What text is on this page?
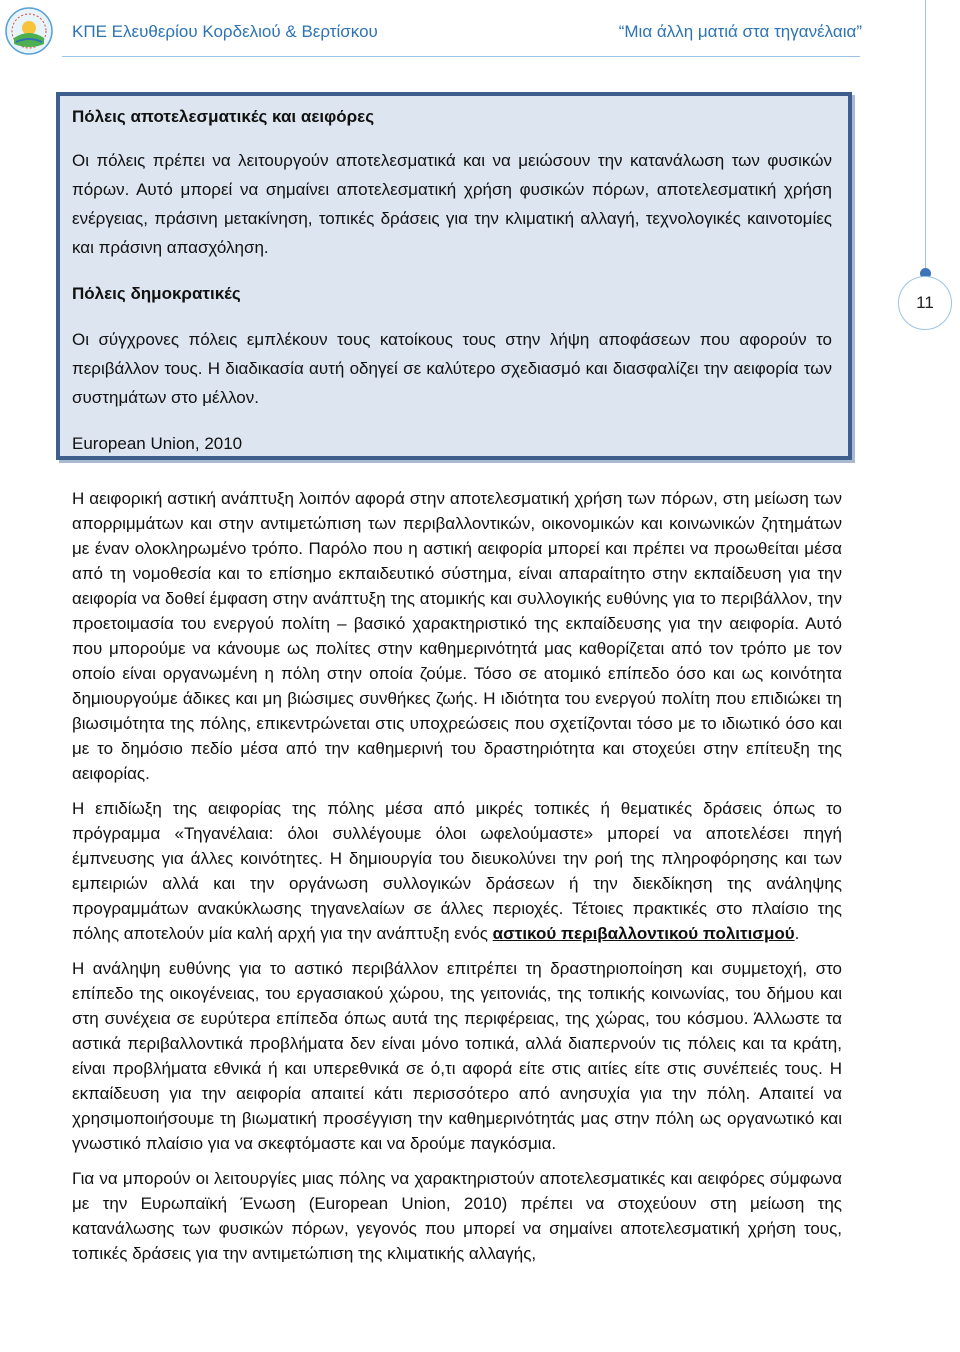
ΚΠΕ Ελευθερίου Κορδελιού & Βερτίσκου	“Μια άλλη ματιά στα τηγανέλαια”
11
Πόλεις αποτελεσματικές και αειφόρες

Οι πόλεις πρέπει να λειτουργούν αποτελεσματικά και να μειώσουν την κατανάλωση των φυσικών πόρων. Αυτό μπορεί να σημαίνει αποτελεσματική χρήση φυσικών πόρων, αποτελεσματική χρήση ενέργειας, πράσινη μετακίνηση, τοπικές δράσεις για την κλιματική αλλαγή, τεχνολογικές καινοτομίες και πράσινη απασχόληση.

Πόλεις δημοκρατικές

Οι σύγχρονες πόλεις εμπλέκουν τους κατοίκους τους στην λήψη αποφάσεων που αφορούν το περιβάλλον τους. Η διαδικασία αυτή οδηγεί σε καλύτερο σχεδιασμό και διασφαλίζει την αειφορία των συστημάτων στο μέλλον.

European Union, 2010

Η αειφορική αστική ανάπτυξη λοιπόν αφορά στην αποτελεσματική χρήση των πόρων, στη μείωση των απορριμμάτων και στην αντιμετώπιση των περιβαλλοντικών, οικονομικών και κοινωνικών ζητημάτων με έναν ολοκληρωμένο τρόπο. Παρόλο που η αστική αειφορία μπορεί και πρέπει να προωθείται μέσα από τη νομοθεσία και το επίσημο εκπαιδευτικό σύστημα, είναι απαραίτητο στην εκπαίδευση για την αειφορία να δοθεί έμφαση στην ανάπτυξη της ατομικής και συλλογικής ευθύνης για το περιβάλλον, την προετοιμασία του ενεργού πολίτη – βασικό χαρακτηριστικό της εκπαίδευσης για την αειφορία. Αυτό που μπορούμε να κάνουμε ως πολίτες στην καθημερινότητά μας καθορίζεται από τον τρόπο με τον οποίο είναι οργανωμένη η πόλη στην οποία ζούμε. Τόσο σε ατομικό επίπεδο όσο και ως κοινότητα δημιουργούμε άδικες και μη βιώσιμες συνθήκες ζωής. Η ιδιότητα του ενεργού πολίτη που επιδιώκει τη βιωσιμότητα της πόλης, επικεντρώνεται στις υποχρεώσεις που σχετίζονται τόσο με το ιδιωτικό όσο και με το δημόσιο πεδίο μέσα από την καθημερινή του δραστηριότητα και στοχεύει στην επίτευξη της αειφορίας.

Η επιδίωξη της αειφορίας της πόλης μέσα από μικρές τοπικές ή θεματικές δράσεις όπως το πρόγραμμα «Τηγανέλαια: όλοι συλλέγουμε όλοι ωφελούμαστε» μπορεί να αποτελέσει πηγή έμπνευσης για άλλες κοινότητες. Η δημιουργία του διευκολύνει την ροή της πληροφόρησης και των εμπειριών αλλά και την οργάνωση συλλογικών δράσεων ή την διεκδίκηση της ανάληψης προγραμμάτων ανακύκλωσης τηγανελαίων σε άλλες περιοχές. Τέτοιες πρακτικές στο πλαίσιο της πόλης αποτελούν μία καλή αρχή για την ανάπτυξη ενός αστικού περιβαλλοντικού πολιτισμού.

Η ανάληψη ευθύνης για το αστικό περιβάλλον επιτρέπει τη δραστηριοποίηση και συμμετοχή, στο επίπεδο της οικογένειας, του εργασιακού χώρου, της γειτονιάς, της τοπικής κοινωνίας, του δήμου και στη συνέχεια σε ευρύτερα επίπεδα όπως αυτά της περιφέρειας, της χώρας, του κόσμου. Άλλωστε τα αστικά περιβαλλοντικά προβλήματα δεν είναι μόνο τοπικά, αλλά διαπερνούν τις πόλεις και τα κράτη, είναι προβλήματα εθνικά ή και υπερεθνικά σε ό,τι αφορά είτε στις αιτίες είτε στις συνέπειές τους. Η εκπαίδευση για την αειφορία απαιτεί κάτι περισσότερο από ανησυχία για την πόλη. Απαιτεί να χρησιμοποιήσουμε τη βιωματική προσέγγιση την καθημερινότητάς μας στην πόλη ως οργανωτικό και γνωστικό πλαίσιο για να σκεφτόμαστε και να δρούμε παγκόσμια.

Για να μπορούν οι λειτουργίες μιας πόλης να χαρακτηριστούν αποτελεσματικές και αειφόρες σύμφωνα με την Ευρωπαϊκή Ένωση (European Union, 2010) πρέπει να στοχεύουν στη μείωση της κατανάλωσης των φυσικών πόρων, γεγονός που μπορεί να σημαίνει αποτελεσματική χρήση τους, τοπικές δράσεις για την αντιμετώπιση της κλιματικής αλλαγής,
